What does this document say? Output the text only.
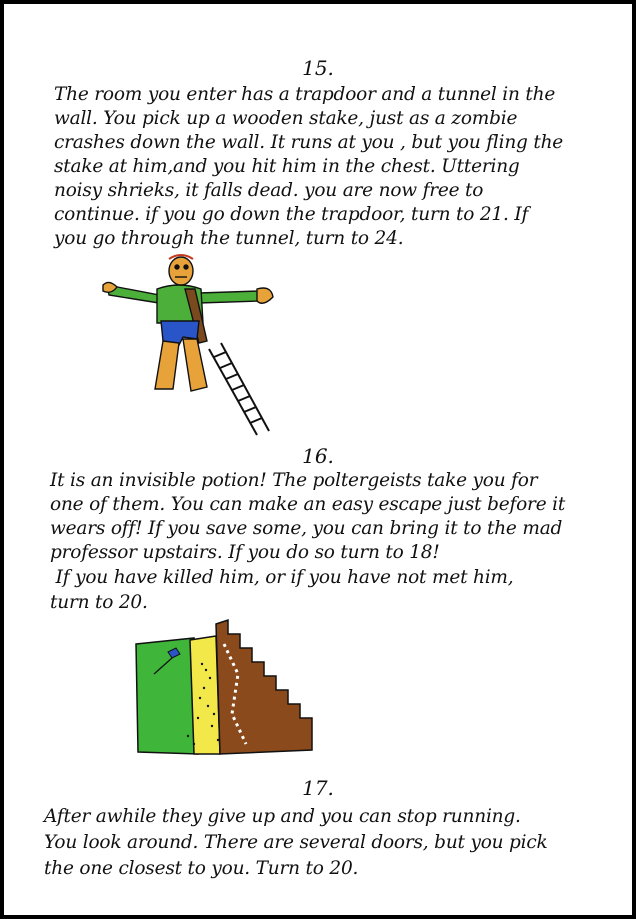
15.
The room you enter has a trapdoor and a tunnel in the
wall. You pick up a wooden stake, just as a zombie
crashes down the wall. It runs at you , but you fling the
stake at him,and you hit him in the chest. Uttering
noisy shrieks, it falls dead. you are now free to
continue. if you go down the trapdoor, turn to 21. If
you go through the tunnel, turn to 24.
16.
It is an invisible potion! The poltergeists take you for
one of them. You can make an easy escape just before it
wears off! If you save some, you can bring it to the mad
professor upstairs. If you do so turn to 18!
If you have killed him, or if you have not met him,
turn to 20.
17.
After awhile they give up and you can stop running.
You look around. There are several doors, but you pick
the one closest to you. Turn to 20.
